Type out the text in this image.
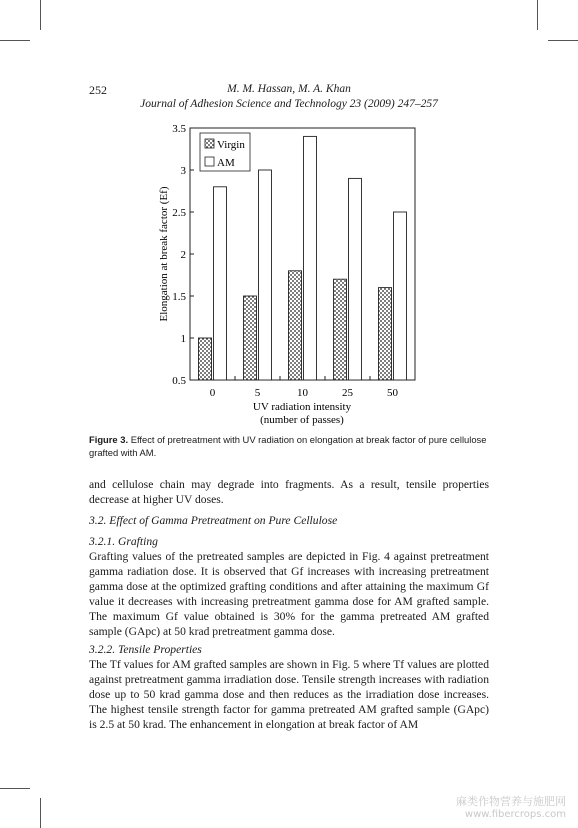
252	M. M. Hassan, M. A. Khan
Journal of Adhesion Science and Technology 23 (2009) 247–257
0.5
1
1.5
2
2.5
3
3.5
0	5	10	25	50
Virgin
AM
Elongation at break factor (Ef)
UV radiation intensity
(number of passes)
Figure 3. Effect of pretreatment with UV radiation on elongation at break factor of pure cellulose grafted with AM.

and cellulose chain may degrade into fragments. As a result, tensile properties decrease at higher UV doses.

3.2. Effect of Gamma Pretreatment on Pure Cellulose

3.2.1. Grafting

Grafting values of the pretreated samples are depicted in Fig. 4 against pretreatment gamma radiation dose. It is observed that Gf increases with increasing pretreatment gamma dose at the optimized grafting conditions and after attaining the maximum Gf value it decreases with increasing pretreatment gamma dose for AM grafted sample. The maximum Gf value obtained is 30% for the gamma pretreated AM grafted sample (GApc) at 50 krad pretreatment gamma dose.

3.2.2. Tensile Properties

The Tf values for AM grafted samples are shown in Fig. 5 where Tf values are plotted against pretreatment gamma irradiation dose. Tensile strength increases with radiation dose up to 50 krad gamma dose and then reduces as the irradiation dose increases. The highest tensile strength factor for gamma pretreated AM grafted sample (GApc) is 2.5 at 50 krad. The enhancement in elongation at break factor of AM

麻类作物营养与施肥网
www.fibercrops.com
